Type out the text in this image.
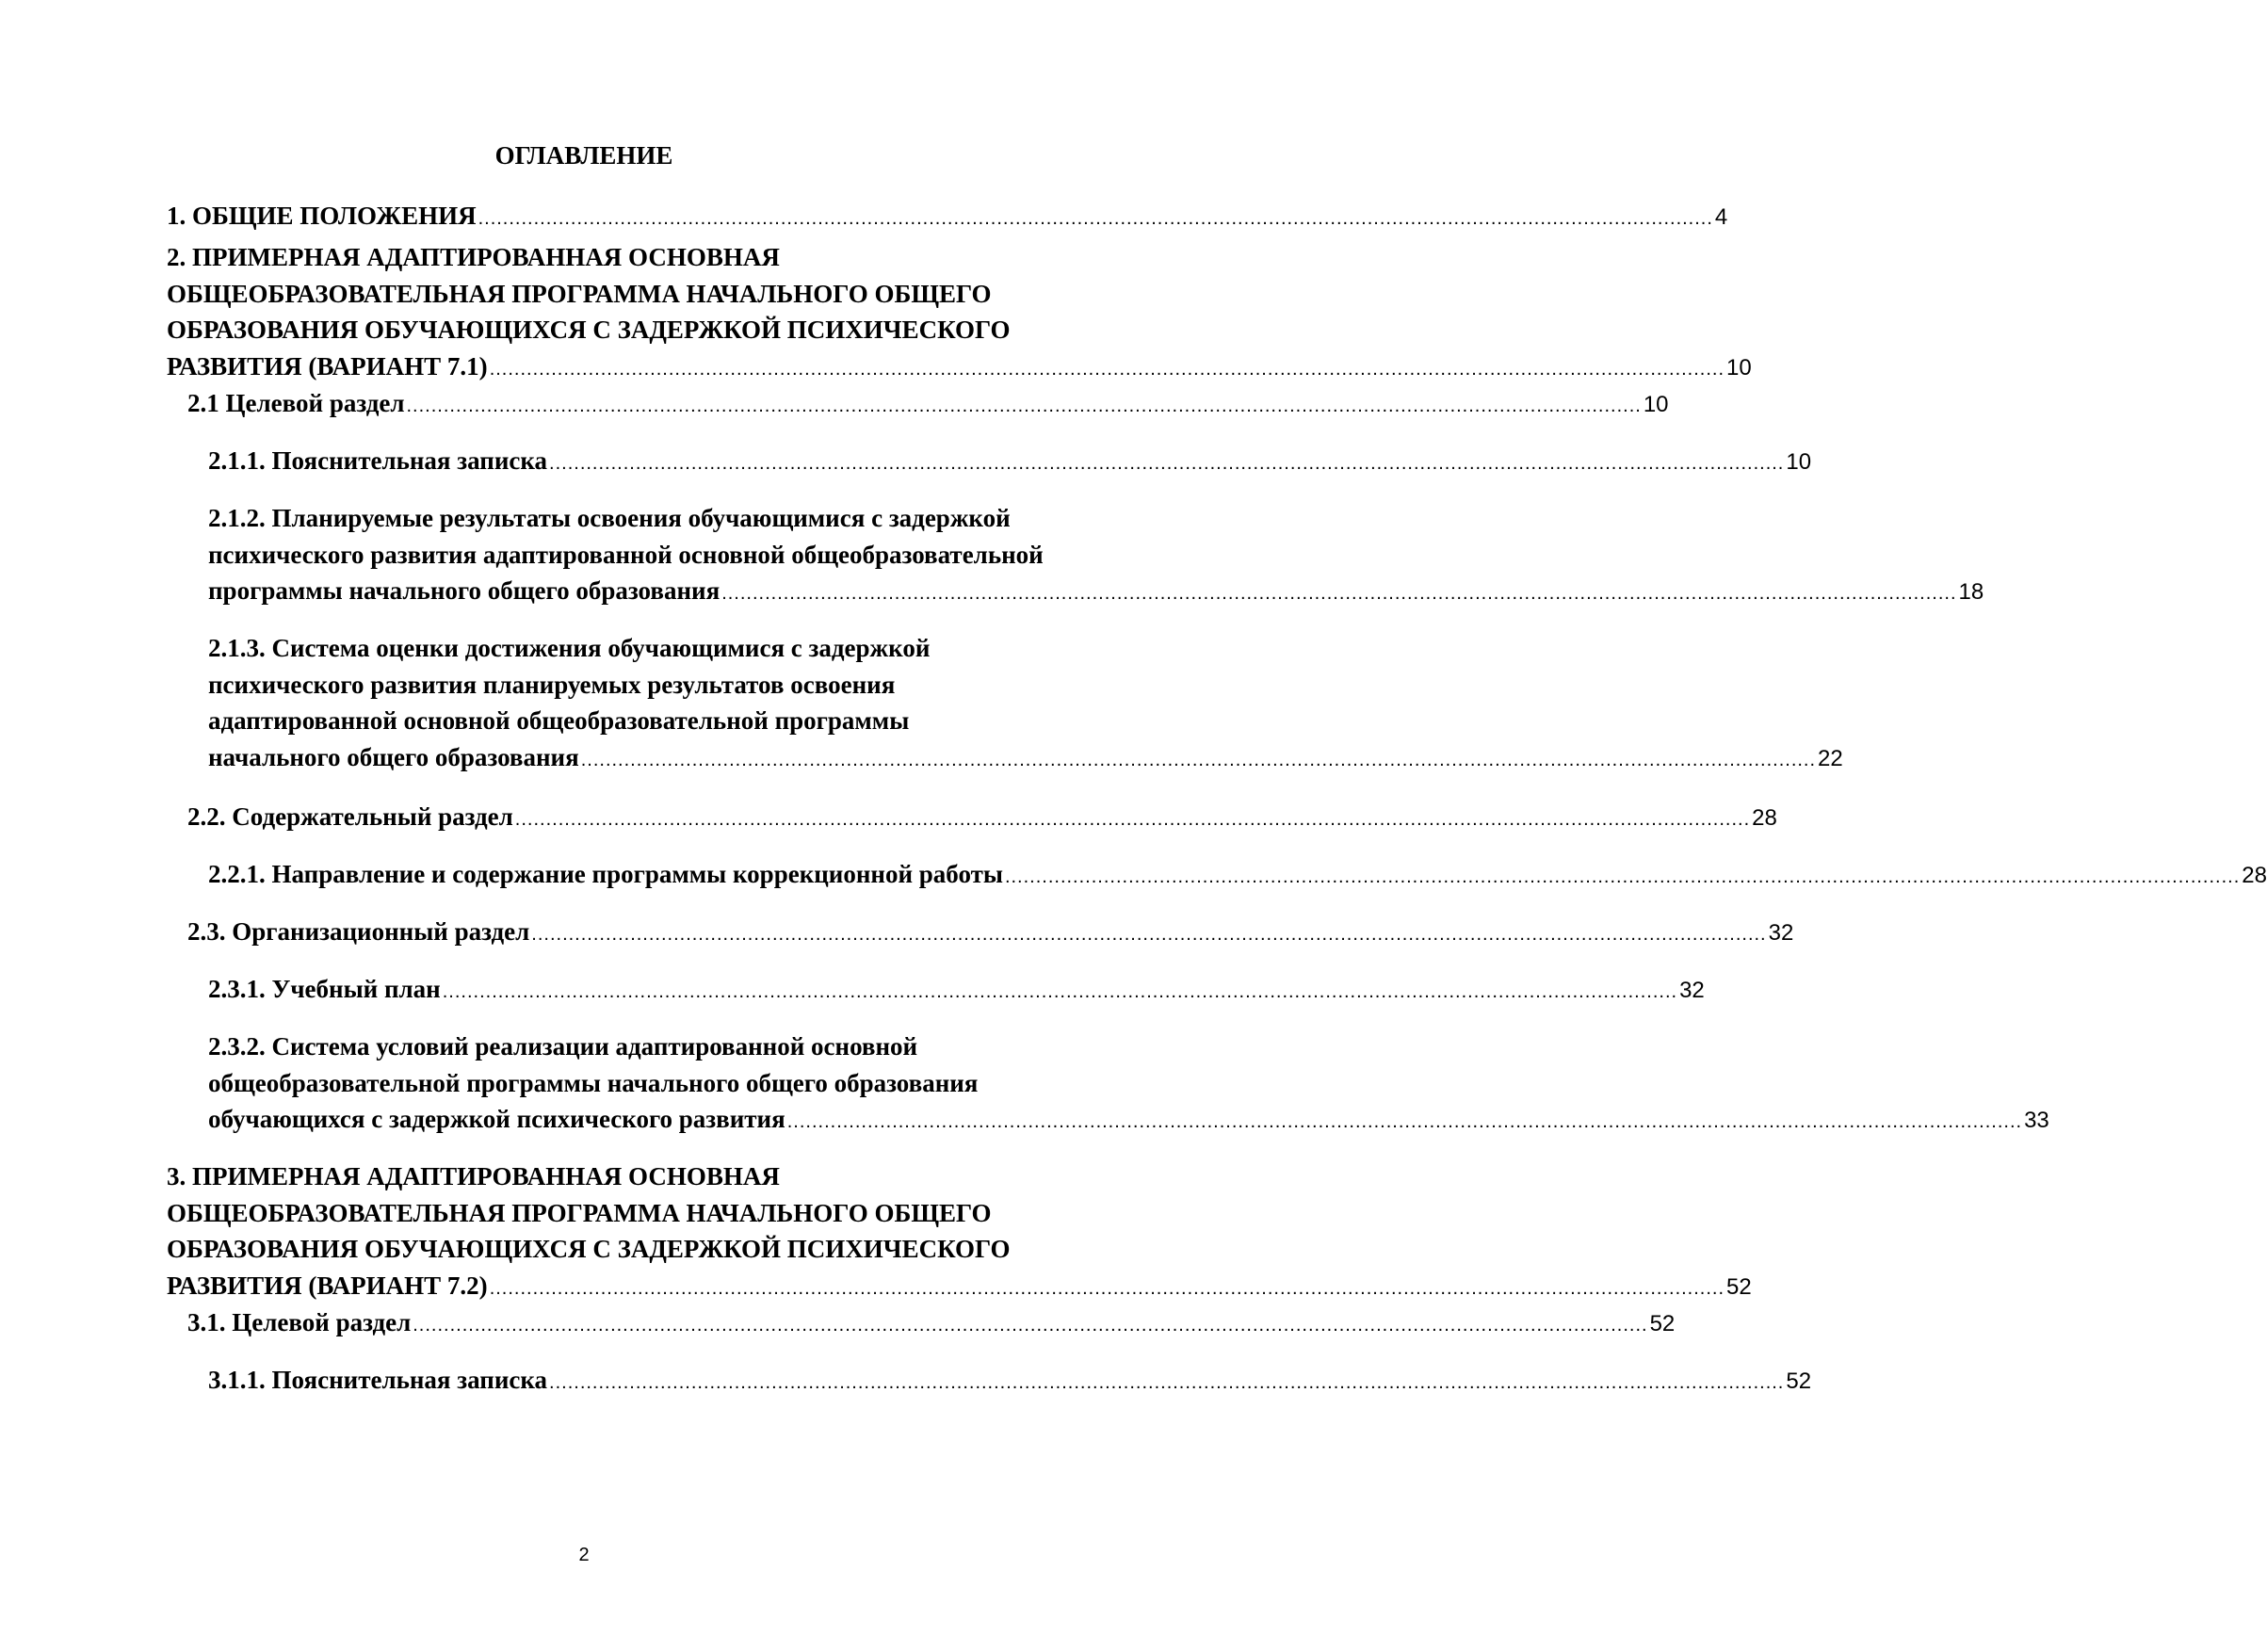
ОГЛАВЛЕНИЕ
1. ОБЩИЕ ПОЛОЖЕНИЯ ........................................................................................................................................................................................................ 4
2. ПРИМЕРНАЯ АДАПТИРОВАННАЯ ОСНОВНАЯ
ОБЩЕОБРАЗОВАТЕЛЬНАЯ ПРОГРАММА НАЧАЛЬНОГО ОБЩЕГО
ОБРАЗОВАНИЯ ОБУЧАЮЩИХСЯ С ЗАДЕРЖКОЙ ПСИХИЧЕСКОГО
РАЗВИТИЯ (ВАРИАНТ 7.1) ........................................................................................................................................................................................................ 10
2.1 Целевой раздел ........................................................................................................................................................................................................ 10
2.1.1. Пояснительная записка ........................................................................................................................................................................................................ 10
2.1.2. Планируемые результаты освоения обучающимися с задержкой
психического развития адаптированной основной общеобразовательной
программы начального общего образования ........................................................................................................................................................................................................ 18
2.1.3. Система оценки достижения обучающимися с задержкой
психического развития планируемых результатов освоения
адаптированной основной общеобразовательной программы
начального общего образования ........................................................................................................................................................................................................ 22
2.2. Содержательный раздел ........................................................................................................................................................................................................ 28
2.2.1. Направление и содержание программы коррекционной работы ........................................................................................................................................................................................................ 28
2.3. Организационный раздел ........................................................................................................................................................................................................ 32
2.3.1. Учебный план ........................................................................................................................................................................................................ 32
2.3.2. Система условий реализации адаптированной основной
общеобразовательной программы начального общего образования
обучающихся с задержкой психического развития ........................................................................................................................................................................................................ 33
3. ПРИМЕРНАЯ АДАПТИРОВАННАЯ ОСНОВНАЯ
ОБЩЕОБРАЗОВАТЕЛЬНАЯ ПРОГРАММА НАЧАЛЬНОГО ОБЩЕГО
ОБРАЗОВАНИЯ ОБУЧАЮЩИХСЯ С ЗАДЕРЖКОЙ ПСИХИЧЕСКОГО
РАЗВИТИЯ (ВАРИАНТ 7.2) ........................................................................................................................................................................................................ 52
3.1. Целевой раздел ........................................................................................................................................................................................................ 52
3.1.1. Пояснительная записка ........................................................................................................................................................................................................ 52
2
